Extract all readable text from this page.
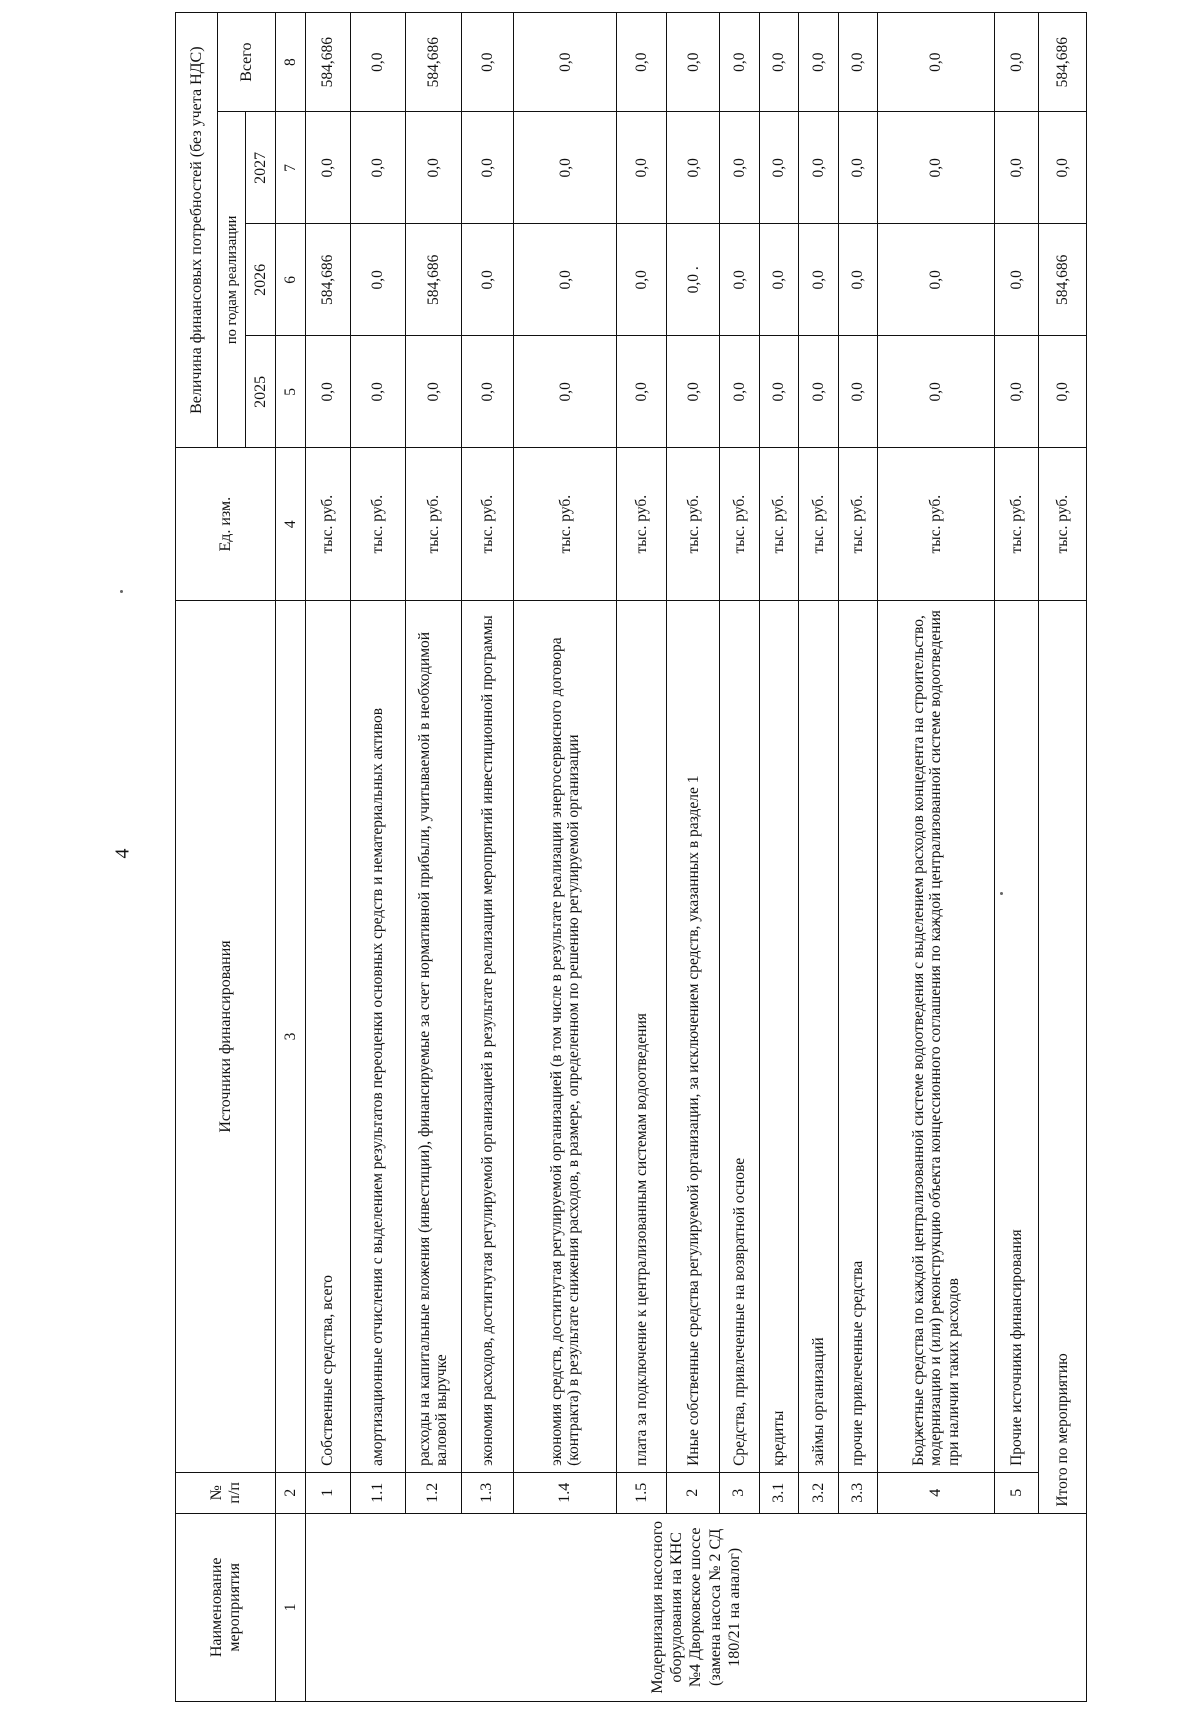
4
Наименование мероприятия	№ п/п	Источники финансирования	Ед. изм.	Величина финансовых потребностей (без учета НДС)			
				по годам реализации			Всего
				2025	2026	2027	
1	2	3	4	5	6	7	8
Модернизация насосного оборудования на КНС №4 Дворковское шоссе (замена насоса № 2 СД 180/21 на аналог)	1	Собственные средства, всего	тыс. руб.	0,0	584,686	0,0	584,686
	1.1	амортизационные отчисления с выделением результатов переоценки основных средств и нематериальных активов	тыс. руб.	0,0	0,0	0,0	0,0
	1.2	расходы на капитальные вложения (инвестиции), финансируемые за счет нормативной прибыли, учитываемой в необходимой валовой выручке	тыс. руб.	0,0	584,686	0,0	584,686
	1.3	экономия расходов, достигнутая регулируемой организацией в результате реализации мероприятий инвестиционной программы	тыс. руб.	0,0	0,0	0,0	0,0
	1.4	экономия средств, достигнутая регулируемой организацией (в том числе в результате реализации энергосервисного договора (контракта) в результате снижения расходов, в размере, определенном по решению регулируемой организации	тыс. руб.	0,0	0,0	0,0	0,0
	1.5	плата за подключение к централизованным системам водоотведения	тыс. руб.	0,0	0,0	0,0	0,0
	2	Иные собственные средства регулируемой организации, за исключением средств, указанных в разделе 1	тыс. руб.	0,0	0,0 .	0,0	0,0
	3	Средства, привлеченные на возвратной основе	тыс. руб.	0,0	0,0	0,0	0,0
	3.1	кредиты	тыс. руб.	0,0	0,0	0,0	0,0
	3.2	займы организаций	тыс. руб.	0,0	0,0	0,0	0,0
	3.3	прочие привлеченные средства	тыс. руб.	0,0	0,0	0,0	0,0
	4	Бюджетные средства по каждой централизованной системе водоотведения с выделением расходов концедента на строительство, модернизацию и (или) реконструкцию объекта концессионного соглашения по каждой централизованной системе водоотведения при наличии таких расходов	тыс. руб.	0,0	0,0	0,0	0,0
	5	Прочие источники финансирования	тыс. руб.	0,0	0,0	0,0	0,0
	Итого по мероприятию		тыс. руб.	0,0	584,686	0,0	584,686
